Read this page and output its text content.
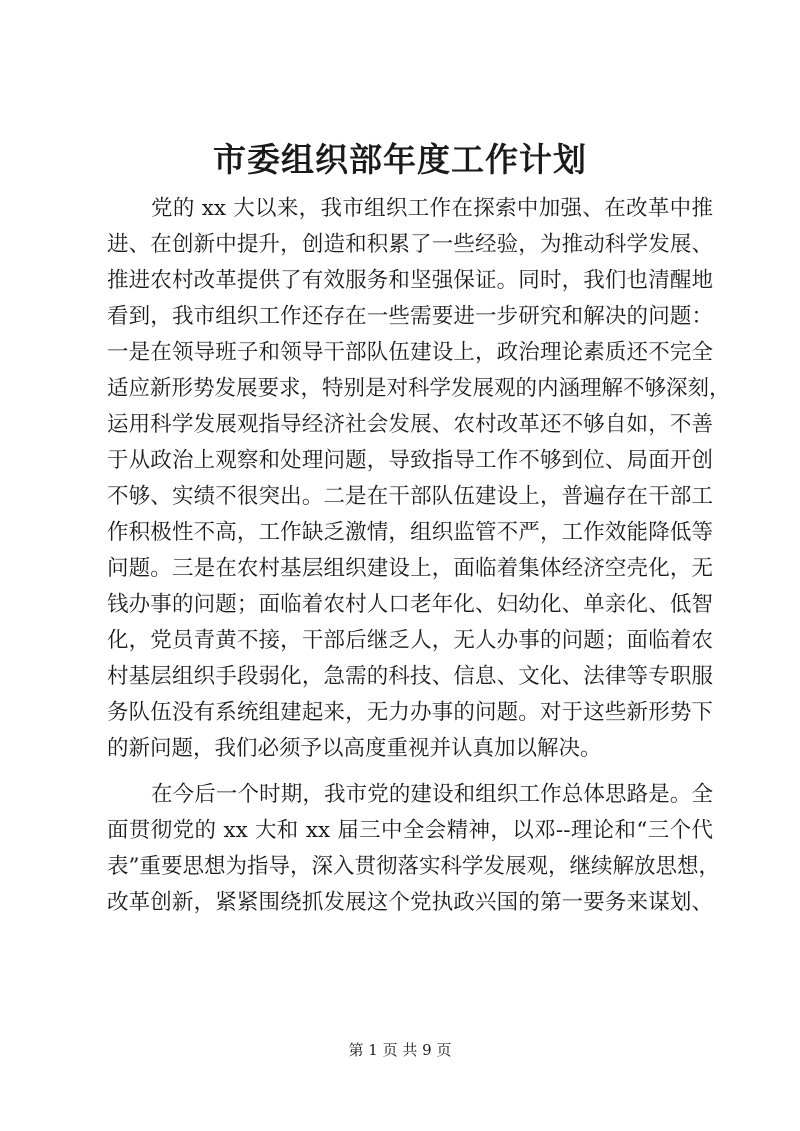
市委组织部年度工作计划
党的 xx 大以来，我市组织工作在探索中加强、在改革中推
进、在创新中提升，创造和积累了一些经验，为推动科学发展、
推进农村改革提供了有效服务和坚强保证。同时，我们也清醒地
看到，我市组织工作还存在一些需要进一步研究和解决的问题：
一是在领导班子和领导干部队伍建设上，政治理论素质还不完全
适应新形势发展要求，特别是对科学发展观的内涵理解不够深刻，
运用科学发展观指导经济社会发展、农村改革还不够自如，不善
于从政治上观察和处理问题，导致指导工作不够到位、局面开创
不够、实绩不很突出。二是在干部队伍建设上，普遍存在干部工
作积极性不高，工作缺乏激情，组织监管不严，工作效能降低等
问题。三是在农村基层组织建设上，面临着集体经济空壳化，无
钱办事的问题；面临着农村人口老年化、妇幼化、单亲化、低智
化，党员青黄不接，干部后继乏人，无人办事的问题；面临着农
村基层组织手段弱化，急需的科技、信息、文化、法律等专职服
务队伍没有系统组建起来，无力办事的问题。对于这些新形势下
的新问题，我们必须予以高度重视并认真加以解决。
在今后一个时期，我市党的建设和组织工作总体思路是。全
面贯彻党的 xx 大和 xx 届三中全会精神，以邓--理论和“三个代
表”重要思想为指导，深入贯彻落实科学发展观，继续解放思想，
改革创新，紧紧围绕抓发展这个党执政兴国的第一要务来谋划、
第 1 页 共 9 页
